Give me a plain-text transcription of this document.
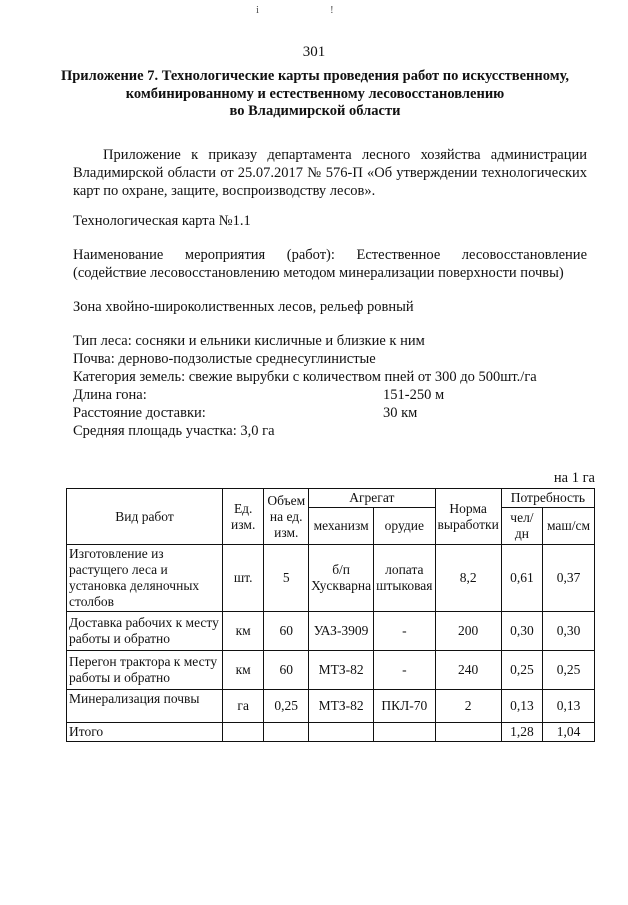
i	!
301
Приложение 7. Технологические карты проведения работ по искусственному,
комбинированному и естественному лесовосстановлению
во Владимирской области
Приложение к приказу департамента лесного хозяйства администрации Владимирской области от 25.07.2017 № 576-П «Об утверждении технологических карт по охране, защите, воспроизводству лесов».
Технологическая карта №1.1
Наименование мероприятия (работ): Естественное лесовосстановление
(содействие лесовосстановлению методом минерализации поверхности почвы)
Зона хвойно-широколиственных лесов, рельеф ровный
Тип леса: сосняки и ельники кисличные и близкие к ним
Почва: дерново-подзолистые среднесуглинистые
Категория земель: свежие вырубки с количеством пней от 300 до 500шт./га
Длина гона:	151-250 м
Расстояние доставки:	30 км
Средняя площадь участка: 3,0 га
на 1 га
Вид работ	Ед. изм.	Объем на ед. изм.	Агрегат		Норма выработки	Потребность	
			механизм	орудие		чел/дн	маш/см
Изготовление из растущего леса и установка деляночных столбов	шт.	5	б/п Хускварна	лопата штыковая	8,2	0,61	0,37
Доставка рабочих к месту работы и обратно	км	60	УАЗ-3909	-	200	0,30	0,30
Перегон трактора к месту работы и обратно	км	60	МТЗ-82	-	240	0,25	0,25
Минерализация почвы	га	0,25	МТЗ-82	ПКЛ-70	2	0,13	0,13
Итого						1,28	1,04
